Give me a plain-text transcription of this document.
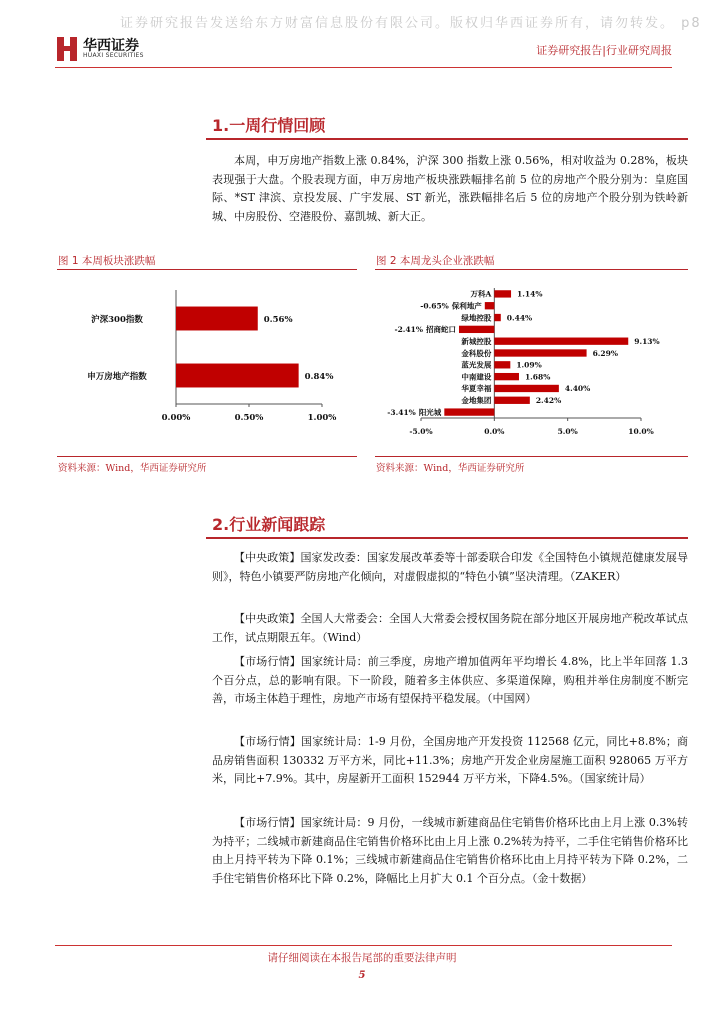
证券研究报告发送给东方财富信息股份有限公司。版权归华西证券所有，请勿转发。 p8
华西证券
HUAXI SECURITIES	证券研究报告|行业研究周报
1.一周行情回顾

本周，申万房地产指数上涨 0.84%，沪深 300 指数上涨 0.56%，相对收益为 0.28%，板块表现强于大盘。个股表现方面，申万房地产板块涨跌幅排名前 5 位的房地产个股分别为：皇庭国际、*ST 津滨、京投发展、广宇发展、ST 新光，涨跌幅排名后 5 位的房地产个股分别为铁岭新城、中房股份、空港股份、嘉凯城、新大正。

图 1 本周板块涨跌幅
0.00%	0.50%	1.00%
沪深300指数	0.56%
申万房地产指数	0.84%
资料来源：Wind，华西证券研究所
图 2 本周龙头企业涨跌幅
-5.0%	0.0%	5.0%	10.0%
万科A	1.14%
保利地产
-0.65%
绿地控股 0.44%
招商蛇口
-2.41%
新城控股	9.13%
金科股份	6.29%
蓝光发展	1.09%
中南建设	1.68%
华夏幸福	4.40%
金地集团	2.42%
阳光城
-3.41%
资料来源：Wind，华西证券研究所
2.行业新闻跟踪

【中央政策】国家发改委：国家发展改革委等十部委联合印发《全国特色小镇规范健康发展导则》，特色小镇要严防房地产化倾向，对虚假虚拟的“特色小镇”坚决清理。（ZAKER）

【中央政策】全国人大常委会：全国人大常委会授权国务院在部分地区开展房地产税改革试点工作，试点期限五年。（Wind）

【市场行情】国家统计局：前三季度，房地产增加值两年平均增长 4.8%，比上半年回落 1.3 个百分点，总的影响有限。下一阶段，随着多主体供应、多渠道保障，购租并举住房制度不断完善，市场主体趋于理性，房地产市场有望保持平稳发展。（中国网）

【市场行情】国家统计局：1-9 月份，全国房地产开发投资 112568 亿元，同比+8.8%；商品房销售面积 130332 万平方米，同比+11.3%；房地产开发企业房屋施工面积 928065 万平方米，同比+7.9%。其中，房屋新开工面积 152944 万平方米，下降4.5%。（国家统计局）

【市场行情】国家统计局：9 月份，一线城市新建商品住宅销售价格环比由上月上涨 0.3%转为持平；二线城市新建商品住宅销售价格环比由上月上涨 0.2%转为持平，二手住宅销售价格环比由上月持平转为下降 0.1%；三线城市新建商品住宅销售价格环比由上月持平转为下降 0.2%，二手住宅销售价格环比下降 0.2%，降幅比上月扩大 0.1 个百分点。（金十数据）

请仔细阅读在本报告尾部的重要法律声明
5
